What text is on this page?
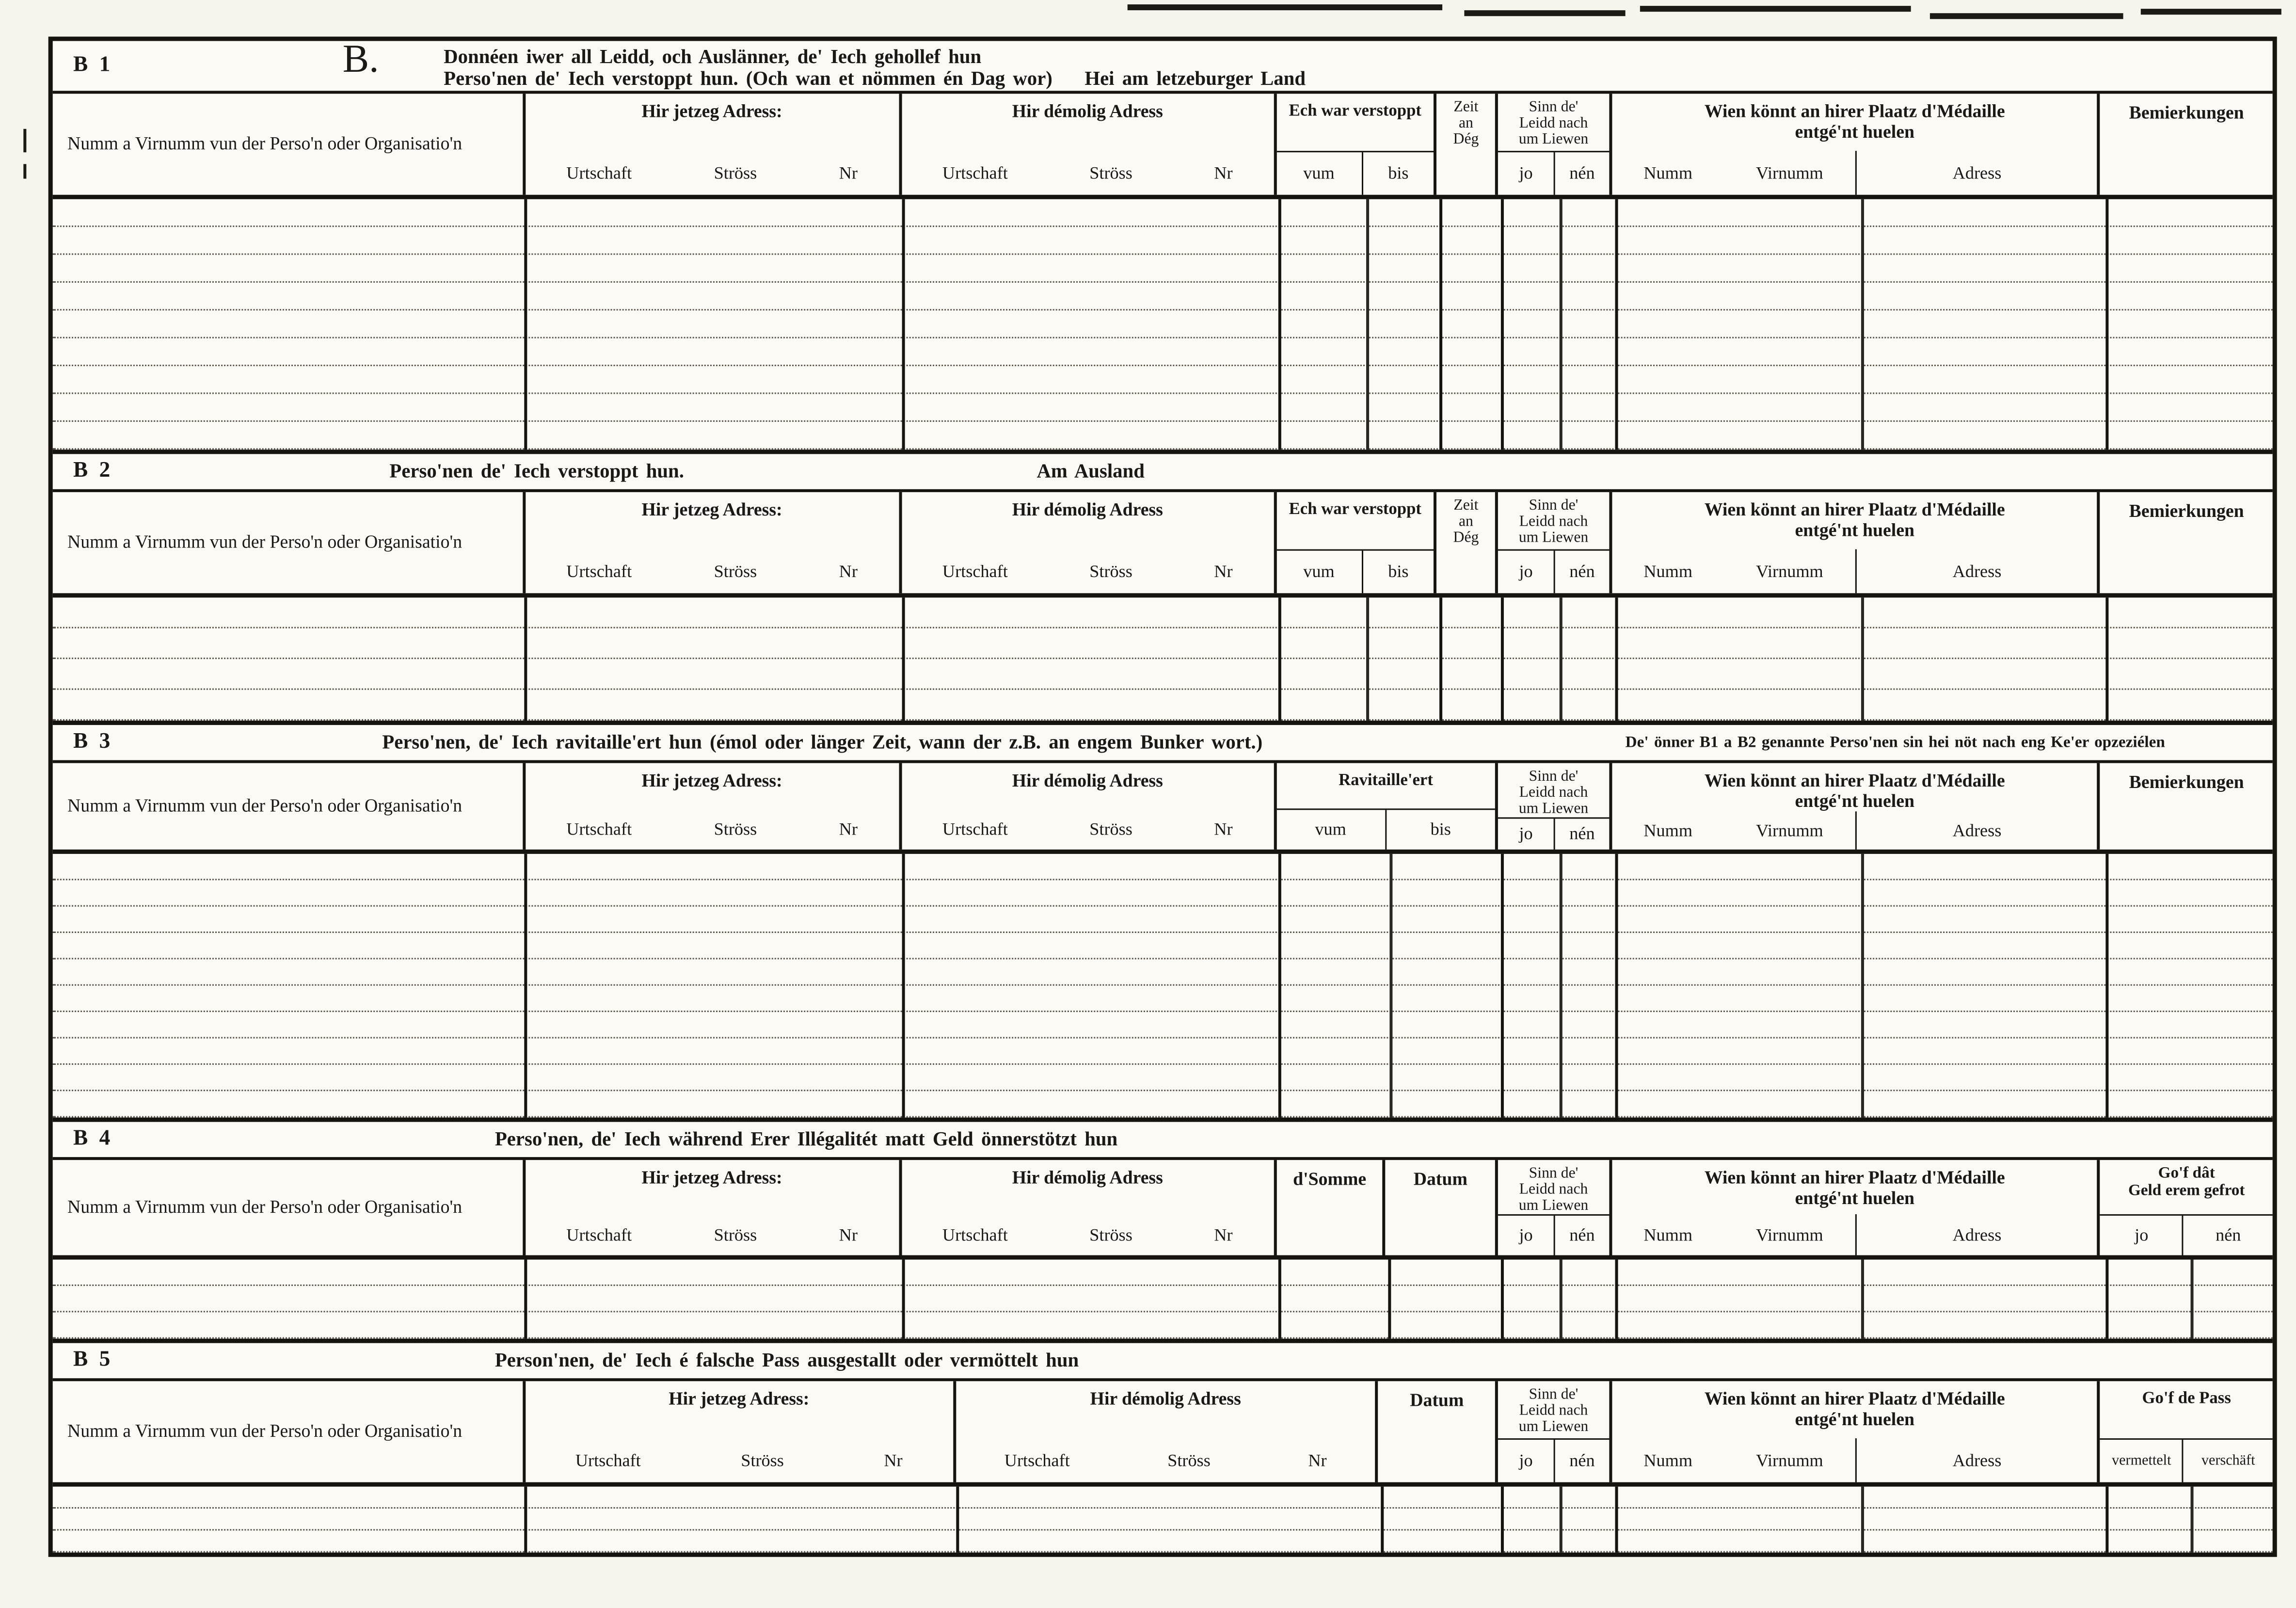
B 1	B.	Donnéen iwer all Leidd, och Auslänner, de' Iech gehollef hun
Perso'nen de' Iech verstoppt hun. (Och wan et nömmen én Dag wor)	Hei am letzeburger Land
Numm a Virnumm vun der Perso'n oder Organisatio'n
Hir jetzeg Adress:
Urtschaft	Ströss	Nr
Hir démolig Adress
Urtschaft	Ströss	Nr
Ech war verstoppt
vum	bis
Zeit
an
Dég
Sinn de'
Leidd nach
um Liewen
jo	nén
Wien könnt an hirer Plaatz d'Médaille
entgé'nt huelen
Numm	Virnumm	Adress
Bemierkungen
B 2	Perso'nen de' Iech verstoppt hun.	Am Ausland
Numm a Virnumm vun der Perso'n oder Organisatio'n
Hir jetzeg Adress:
Urtschaft	Ströss	Nr
Hir démolig Adress
Urtschaft	Ströss	Nr
Ech war verstoppt
vum	bis
Zeit
an
Dég
Sinn de'
Leidd nach
um Liewen
jo	nén
Wien könnt an hirer Plaatz d'Médaille
entgé'nt huelen
Numm	Virnumm	Adress
Bemierkungen
B 3	Perso'nen, de' Iech ravitaille'ert hun (émol oder länger Zeit, wann der z.B. an engem Bunker wort.)	De' önner B1 a B2 genannte Perso'nen sin hei nöt nach eng Ke'er opzeziélen
Numm a Virnumm vun der Perso'n oder Organisatio'n
Hir jetzeg Adress:
Urtschaft	Ströss	Nr
Hir démolig Adress
Urtschaft	Ströss	Nr
Ravitaille'ert
vum	bis
Sinn de'
Leidd nach
um Liewen
jo	nén
Wien könnt an hirer Plaatz d'Médaille
entgé'nt huelen
Numm	Virnumm	Adress
Bemierkungen
B 4	Perso'nen, de' Iech während Erer Illégalitét matt Geld önnerstötzt hun
Numm a Virnumm vun der Perso'n oder Organisatio'n
Hir jetzeg Adress:
Urtschaft	Ströss	Nr
Hir démolig Adress
Urtschaft	Ströss	Nr
d'Somme	Datum	Sinn de'
Leidd nach
um Liewen
jo	nén
Wien könnt an hirer Plaatz d'Médaille
entgé'nt huelen
Numm	Virnumm	Adress
Go'f dât
Geld erem gefrot
jo	nén
B 5	Person'nen, de' Iech é falsche Pass ausgestallt oder vermöttelt hun
Numm a Virnumm vun der Perso'n oder Organisatio'n
Hir jetzeg Adress:
Urtschaft	Ströss	Nr
Hir démolig Adress
Urtschaft	Ströss	Nr
Datum	Sinn de'
Leidd nach
um Liewen
jo	nén
Wien könnt an hirer Plaatz d'Médaille
entgé'nt huelen
Numm	Virnumm	Adress
Go'f de Pass
vermettelt	verschäft
